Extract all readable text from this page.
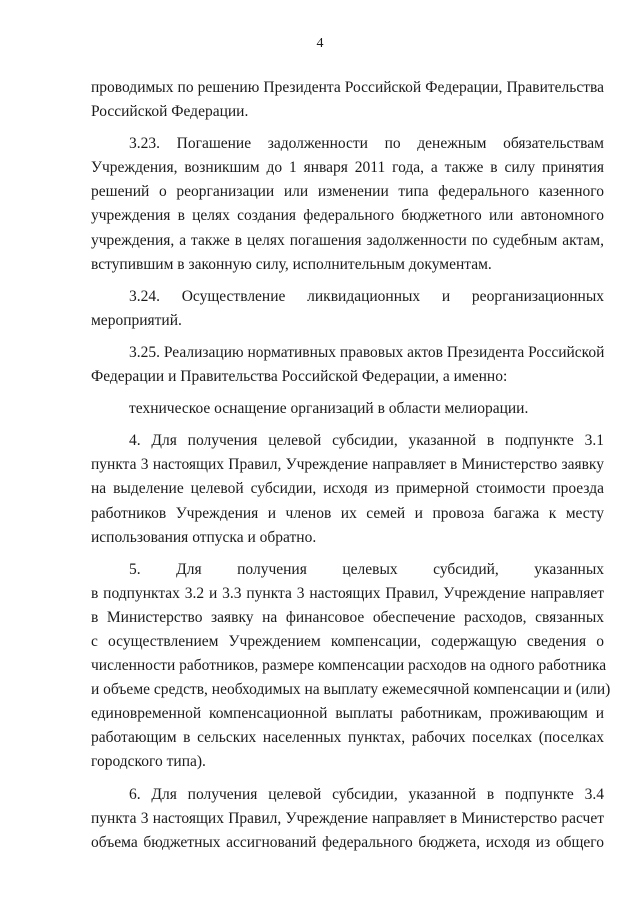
4
проводимых по решению Президента Российской Федерации, Правительства
Российской Федерации.
3.23. Погашение задолженности по денежным обязательствам
Учреждения, возникшим до 1 января 2011 года, а также в силу принятия
решений о реорганизации или изменении типа федерального казенного
учреждения в целях создания федерального бюджетного или автономного
учреждения, а также в целях погашения задолженности по судебным актам,
вступившим в законную силу, исполнительным документам.
3.24. Осуществление ликвидационных и реорганизационных
мероприятий.
3.25. Реализацию нормативных правовых актов Президента Российской
Федерации и Правительства Российской Федерации, а именно:
техническое оснащение организаций в области мелиорации.
4. Для получения целевой субсидии, указанной в подпункте 3.1
пункта 3 настоящих Правил, Учреждение направляет в Министерство заявку
на выделение целевой субсидии, исходя из примерной стоимости проезда
работников Учреждения и членов их семей и провоза багажа к месту
использования отпуска и обратно.
5. Для получения целевых субсидий, указанных
в подпунктах 3.2 и 3.3 пункта 3 настоящих Правил, Учреждение направляет
в Министерство заявку на финансовое обеспечение расходов, связанных
с осуществлением Учреждением компенсации, содержащую сведения о
численности работников, размере компенсации расходов на одного работника
и объеме средств, необходимых на выплату ежемесячной компенсации и (или)
единовременной компенсационной выплаты работникам, проживающим и
работающим в сельских населенных пунктах, рабочих поселках (поселках
городского типа).
6. Для получения целевой субсидии, указанной в подпункте 3.4
пункта 3 настоящих Правил, Учреждение направляет в Министерство расчет
объема бюджетных ассигнований федерального бюджета, исходя из общего
